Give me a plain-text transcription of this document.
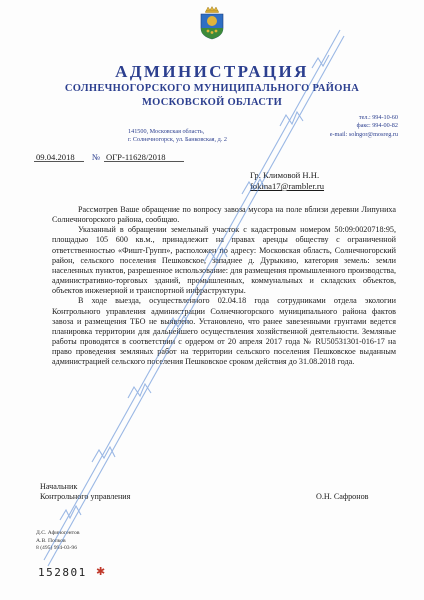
АДМИНИСТРАЦИЯ
СОЛНЕЧНОГОРСКОГО МУНИЦИПАЛЬНОГО РАЙОНА
МОСКОВСКОЙ ОБЛАСТИ
141500, Московская область,
г. Солнечногорск, ул. Банковская, д. 2
тел.: 994-10-60
факс: 994-00-82
e-mail: solngor@mosreg.ru
09.04.2018 № ОГР-11628/2018
Гр. Климовой Н.Н.
fokina17@rambler.ru

Рассмотрев Ваше обращение по вопросу завоза мусора на поле вблизи деревни Липуниха Солнечногорского района, сообщаю.

Указанный в обращении земельный участок с кадастровым номером 50:09:0020718:95, площадью 105 600 кв.м., принадлежит на правах аренды обществу с ограниченной ответственностью «Фишт-Групп», расположен по адресу: Московская область, Солнечногорский район, сельского поселения Пешковское, западнее д. Дурыкино, категория земель: земли населенных пунктов, разрешенное использование: для размещения промышленного производства, административно-торговых зданий, промышленных, коммунальных и складских объектов, объектов инженерной и транспортной инфраструктуры.

В ходе выезда, осуществленного 02.04.18 года сотрудниками отдела экологии Контрольного управления администрации Солнечногорского муниципального района фактов завоза и размещения ТБО не выявлено. Установлено, что ранее завезенными грунтами ведется планировка территории для дальнейшего осуществления хозяйственной деятельности. Земляные работы проводятся в соответствии с ордером от 20 апреля 2017 года № RU50531301-016-17 на право проведения земляных работ на территории сельского поселения Пешковское выданным администрацией сельского поселения Пешковское сроком действия до 31.08.2018 года.

Начальник
Контрольного управления	О.Н. Сафронов
Д.С. Афиногентов
А.В. Попков
8 (495) 994-03-96
152801 ✱
